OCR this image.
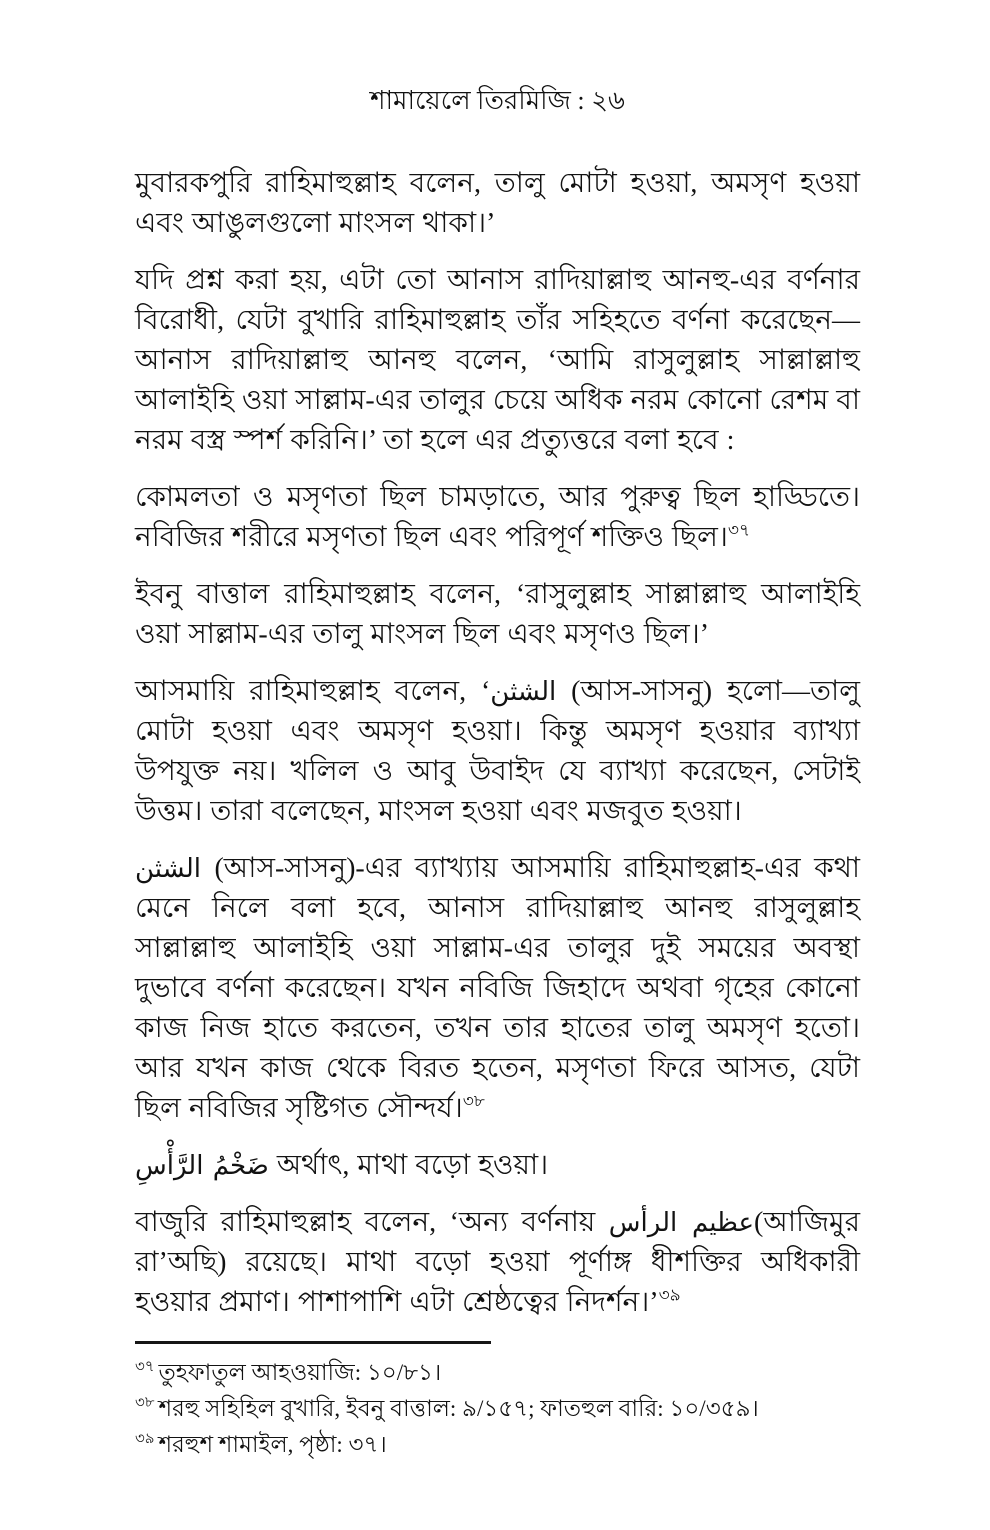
শামায়েলে তিরমিজি : ২৬

মুবারকপুরি রাহিমাহুল্লাহ বলেন, তালু মোটা হওয়া, অমসৃণ হওয়া এবং আঙুলগুলো মাংসল থাকা।’

যদি প্রশ্ন করা হয়, এটা তো আনাস রাদিয়াল্লাহু আনহু-এর বর্ণনার বিরোধী, যেটা বুখারি রাহিমাহুল্লাহ তাঁর সহিহতে বর্ণনা করেছেন—আনাস রাদিয়াল্লাহু আনহু বলেন, ‘আমি রাসুলুল্লাহ সাল্লাল্লাহু আলাইহি ওয়া সাল্লাম-এর তালুর চেয়ে অধিক নরম কোনো রেশম বা নরম বস্ত্র স্পর্শ করিনি।’ তা হলে এর প্রত্যুত্তরে বলা হবে :

কোমলতা ও মসৃণতা ছিল চামড়াতে, আর পুরুত্ব ছিল হাড্ডিতে। নবিজির শরীরে মসৃণতা ছিল এবং পরিপূর্ণ শক্তিও ছিল।$^{৩৭}$

ইবনু বাত্তাল রাহিমাহুল্লাহ বলেন, ‘রাসুলুল্লাহ সাল্লাল্লাহু আলাইহি ওয়া সাল্লাম-এর তালু মাংসল ছিল এবং মসৃণও ছিল।’

আসমায়ি রাহিমাহুল্লাহ বলেন, ‘الشثن (আস-সাসনু) হলো—তালু মোটা হওয়া এবং অমসৃণ হওয়া। কিন্তু অমসৃণ হওয়ার ব্যাখ্যা উপযুক্ত নয়। খলিল ও আবু উবাইদ যে ব্যাখ্যা করেছেন, সেটাই উত্তম। তারা বলেছেন, মাংসল হওয়া এবং মজবুত হওয়া।

الشثن (আস-সাসনু)-এর ব্যাখ্যায় আসমায়ি রাহিমাহুল্লাহ-এর কথা মেনে নিলে বলা হবে, আনাস রাদিয়াল্লাহু আনহু রাসুলুল্লাহ সাল্লাল্লাহু আলাইহি ওয়া সাল্লাম-এর তালুর দুই সময়ের অবস্থা দুভাবে বর্ণনা করেছেন। যখন নবিজি জিহাদে অথবা গৃহের কোনো কাজ নিজ হাতে করতেন, তখন তার হাতের তালু অমসৃণ হতো। আর যখন কাজ থেকে বিরত হতেন, মসৃণতা ফিরে আসত, যেটা ছিল নবিজির সৃষ্টিগত সৌন্দর্য।$^{৩৮}$

ضَخْمُ الرَّأْسِ অর্থাৎ, মাথা বড়ো হওয়া।

বাজুরি রাহিমাহুল্লাহ বলেন, ‘অন্য বর্ণনায় عظيم الرأس(আজিমুর রা’অছি) রয়েছে। মাথা বড়ো হওয়া পূর্ণাঙ্গ ধীশক্তির অধিকারী হওয়ার প্রমাণ। পাশাপাশি এটা শ্রেষ্ঠত্বের নিদর্শন।’$^{৩৯}$

$^{৩৭}$ তুহফাতুল আহওয়াজি: ১০/৮১।
$^{৩৮}$ শরহু সহিহিল বুখারি, ইবনু বাত্তাল: ৯/১৫৭; ফাতহুল বারি: ১০/৩৫৯।
$^{৩৯}$ শরহুশ শামাইল, পৃষ্ঠা: ৩৭।
